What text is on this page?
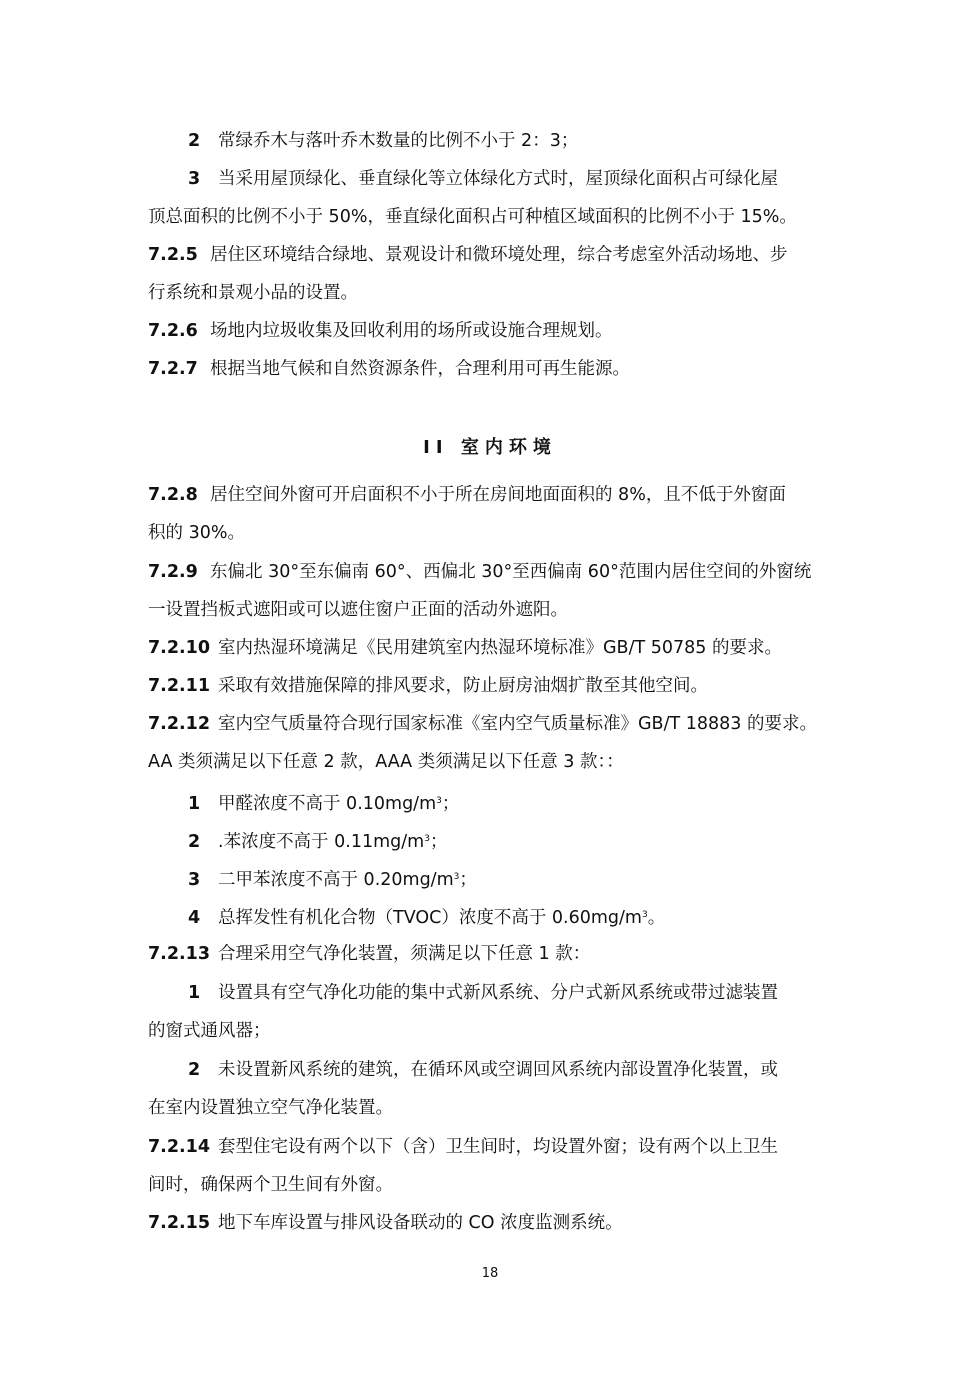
2 常绿乔木与落叶乔木数量的比例不小于 2：3；
3 当采用屋顶绿化、垂直绿化等立体绿化方式时，屋顶绿化面积占可绿化屋
顶总面积的比例不小于 50%，垂直绿化面积占可种植区域面积的比例不小于 15%。
7.2.5 居住区环境结合绿地、景观设计和微环境处理，综合考虑室外活动场地、步
行系统和景观小品的设置。
7.2.6 场地内垃圾收集及回收利用的场所或设施合理规划。
7.2.7 根据当地气候和自然资源条件，合理利用可再生能源。
II 室内环境
7.2.8 居住空间外窗可开启面积不小于所在房间地面面积的 8%，且不低于外窗面
积的 30%。
7.2.9 东偏北 30°至东偏南 60°、西偏北 30°至西偏南 60°范围内居住空间的外窗统
一设置挡板式遮阳或可以遮住窗户正面的活动外遮阳。
7.2.10 室内热湿环境满足《民用建筑室内热湿环境标准》GB/T 50785 的要求。
7.2.11 采取有效措施保障的排风要求，防止厨房油烟扩散至其他空间。
7.2.12 室内空气质量符合现行国家标准《室内空气质量标准》GB/T 18883 的要求。
AA 类须满足以下任意 2 款，AAA 类须满足以下任意 3 款：：
1 甲醛浓度不高于 $0.10mg/m^3$；
2 .苯浓度不高于 $0.11mg/m^3$；
3 二甲苯浓度不高于 $0.20mg/m^3$；
4 总挥发性有机化合物（TVOC）浓度不高于 $0.60mg/m^3$。
7.2.13 合理采用空气净化装置，须满足以下任意 1 款：
1 设置具有空气净化功能的集中式新风系统、分户式新风系统或带过滤装置
的窗式通风器；
2 未设置新风系统的建筑，在循环风或空调回风系统内部设置净化装置，或
在室内设置独立空气净化装置。
7.2.14 套型住宅设有两个以下（含）卫生间时，均设置外窗；设有两个以上卫生
间时，确保两个卫生间有外窗。
7.2.15 地下车库设置与排风设备联动的 CO 浓度监测系统。
18
